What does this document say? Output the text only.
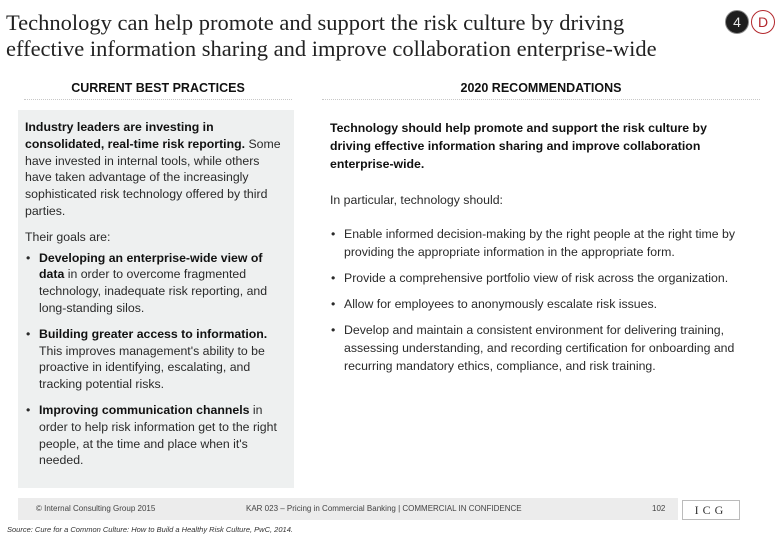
Technology can help promote and support the risk culture by driving effective information sharing and improve collaboration enterprise-wide
4	D
CURRENT BEST PRACTICES	2020 RECOMMENDATIONS

Industry leaders are investing in consolidated, real-time risk reporting. Some have invested in internal tools, while others have taken advantage of the increasingly sophisticated risk technology offered by third parties.

Their goals are:

• Developing an enterprise-wide view of data in order to overcome fragmented technology, inadequate risk reporting, and long-standing silos.
• Building greater access to information. This improves management's ability to be proactive in identifying, escalating, and tracking potential risks.
• Improving communication channels in order to help risk information get to the right people, at the time and place when it's needed.

Technology should help promote and support the risk culture by driving effective information sharing and improve collaboration enterprise-wide.

In particular, technology should:

• Enable informed decision-making by the right people at the right time by providing the appropriate information in the appropriate form.
• Provide a comprehensive portfolio view of risk across the organization.
• Allow for employees to anonymously escalate risk issues.
• Develop and maintain a consistent environment for delivering training, assessing understanding, and recording certification for onboarding and recurring mandatory ethics, compliance, and risk training.
© Internal Consulting Group 2015	KAR 023 – Pricing in Commercial Banking | COMMERCIAL IN CONFIDENCE	102	ICG
Source: Cure for a Common Culture: How to Build a Healthy Risk Culture, PwC, 2014.
